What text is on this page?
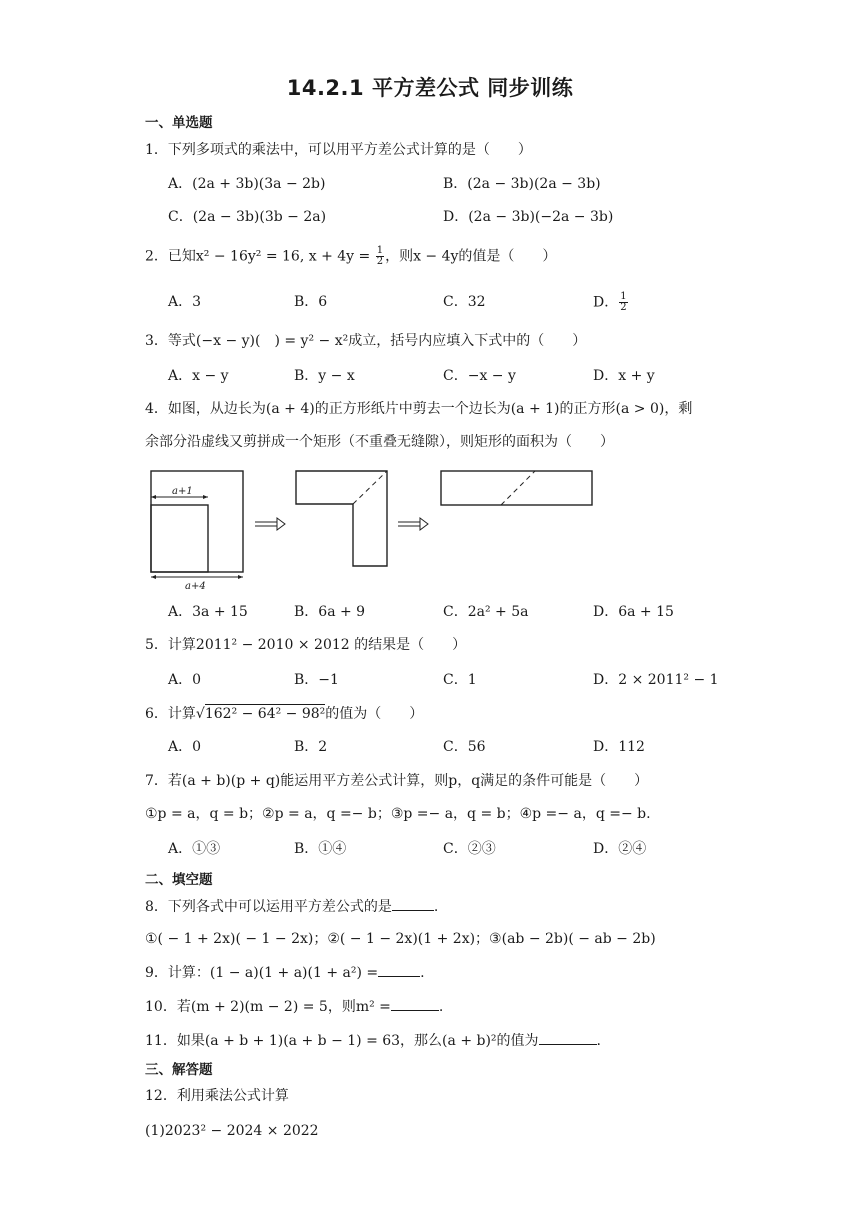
14.2.1 平方差公式 同步训练
一、单选题
1．下列多项式的乘法中，可以用平方差公式计算的是（　　）
A．(2a + 3b)(3a − 2b)	B．(2a − 3b)(2a − 3b)
C．(2a − 3b)(3b − 2a)	D．(2a − 3b)(−2a − 3b)
2．已知x² − 16y² = 16, $x + 4y = \frac{1}{2}$ ，则x − 4y的值是（　　）
A．3	B．6	C．32	D． $\frac{1}{2}$
3．等式(−x − y)(　) = y² − x²成立，括号内应填入下式中的（　　）
A．x − y	B．y − x	C．−x − y	D．x + y
4．如图，从边长为(a + 4)的正方形纸片中剪去一个边长为(a + 1)的正方形(a > 0)，剩
余部分沿虚线又剪拼成一个矩形（不重叠无缝隙），则矩形的面积为（　　）
a+1
a+4
A．3a + 15	B．6a + 9	C．2a² + 5a	D．6a + 15
5．计算2011² − 2010 × 2012 的结果是（　　）
A．0	B．−1	C．1	D．2 × 2011² − 1
6．计算√162² − 64² − 98²的值为（　　）
A．0	B．2	C．56	D．112
7．若(a + b)(p + q)能运用平方差公式计算，则p，q满足的条件可能是（　　）
①p = a，q = b；②p = a，q =− b；③p =− a，q = b；④p =− a，q =− b.
A．①③	B．①④	C．②③	D．②④
二、填空题
8．下列各式中可以运用平方差公式的是	.
①( − 1 + 2x)( − 1 − 2x)；②( − 1 − 2x)(1 + 2x)；③(ab − 2b)( − ab − 2b)
9．计算：(1 − a)(1 + a)(1 + a²) =	.
10．若(m + 2)(m − 2) = 5，则m² =	.
11．如果(a + b + 1)(a + b − 1) = 63，那么(a + b)²的值为	.
三、解答题
12．利用乘法公式计算
(1)2023² − 2024 × 2022
